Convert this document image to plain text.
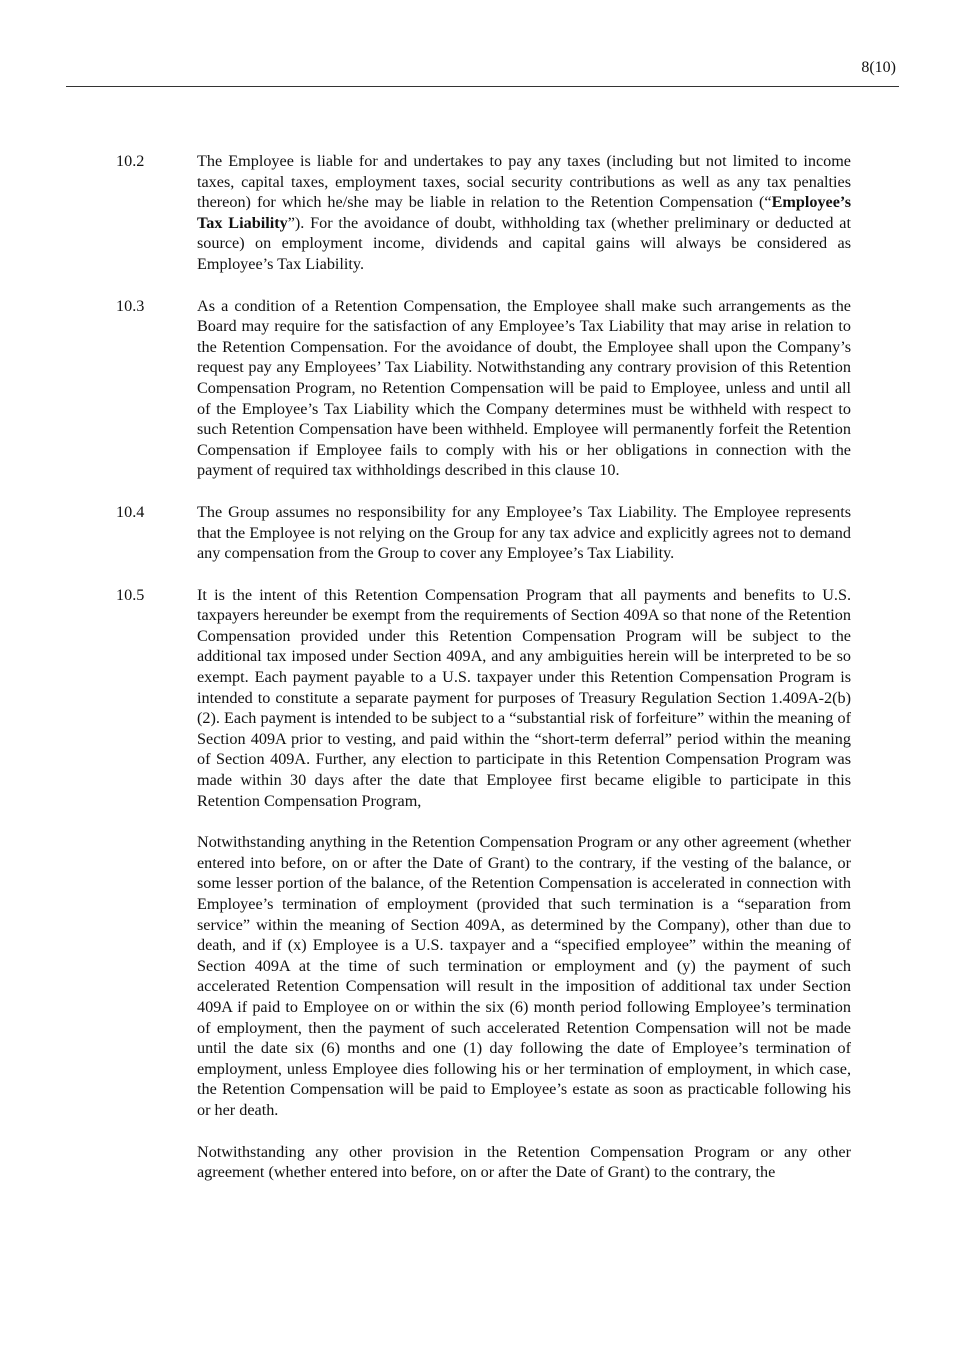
8(10)
10.2	The Employee is liable for and undertakes to pay any taxes (including but not limited to income taxes, capital taxes, employment taxes, social security contributions as well as any tax penalties thereon) for which he/she may be liable in relation to the Retention Compensation (“Employee’s Tax Liability”). For the avoidance of doubt, withholding tax (whether preliminary or deducted at source) on employment income, dividends and capital gains will always be considered as Employee’s Tax Liability.

10.3	As a condition of a Retention Compensation, the Employee shall make such arrangements as the Board may require for the satisfaction of any Employee’s Tax Liability that may arise in relation to the Retention Compensation. For the avoidance of doubt, the Employee shall upon the Company’s request pay any Employees’ Tax Liability. Notwithstanding any contrary provision of this Retention Compensation Program, no Retention Compensation will be paid to Employee, unless and until all of the Employee’s Tax Liability which the Company determines must be withheld with respect to such Retention Compensation have been withheld. Employee will permanently forfeit the Retention Compensation if Employee fails to comply with his or her obligations in connection with the payment of required tax withholdings described in this clause 10.

10.4	The Group assumes no responsibility for any Employee’s Tax Liability. The Employee represents that the Employee is not relying on the Group for any tax advice and explicitly agrees not to demand any compensation from the Group to cover any Employee’s Tax Liability.

10.5	It is the intent of this Retention Compensation Program that all payments and benefits to U.S. taxpayers hereunder be exempt from the requirements of Section 409A so that none of the Retention Compensation provided under this Retention Compensation Program will be subject to the additional tax imposed under Section 409A, and any ambiguities herein will be interpreted to be so exempt. Each payment payable to a U.S. taxpayer under this Retention Compensation Program is intended to constitute a separate payment for purposes of Treasury Regulation Section 1.409A-2(b)(2). Each payment is intended to be subject to a “substantial risk of forfeiture” within the meaning of Section 409A prior to vesting, and paid within the “short-term deferral” period within the meaning of Section 409A. Further, any election to participate in this Retention Compensation Program was made within 30 days after the date that Employee first became eligible to participate in this Retention Compensation Program,

Notwithstanding anything in the Retention Compensation Program or any other agreement (whether entered into before, on or after the Date of Grant) to the contrary, if the vesting of the balance, or some lesser portion of the balance, of the Retention Compensation is accelerated in connection with Employee’s termination of employment (provided that such termination is a “separation from service” within the meaning of Section 409A, as determined by the Company), other than due to death, and if (x) Employee is a U.S. taxpayer and a “specified employee” within the meaning of Section 409A at the time of such termination or employment and (y) the payment of such accelerated Retention Compensation will result in the imposition of additional tax under Section 409A if paid to Employee on or within the six (6) month period following Employee’s termination of employment, then the payment of such accelerated Retention Compensation will not be made until the date six (6) months and one (1) day following the date of Employee’s termination of employment, unless Employee dies following his or her termination of employment, in which case, the Retention Compensation will be paid to Employee’s estate as soon as practicable following his or her death.

Notwithstanding any other provision in the Retention Compensation Program or any other agreement (whether entered into before, on or after the Date of Grant) to the contrary, the
